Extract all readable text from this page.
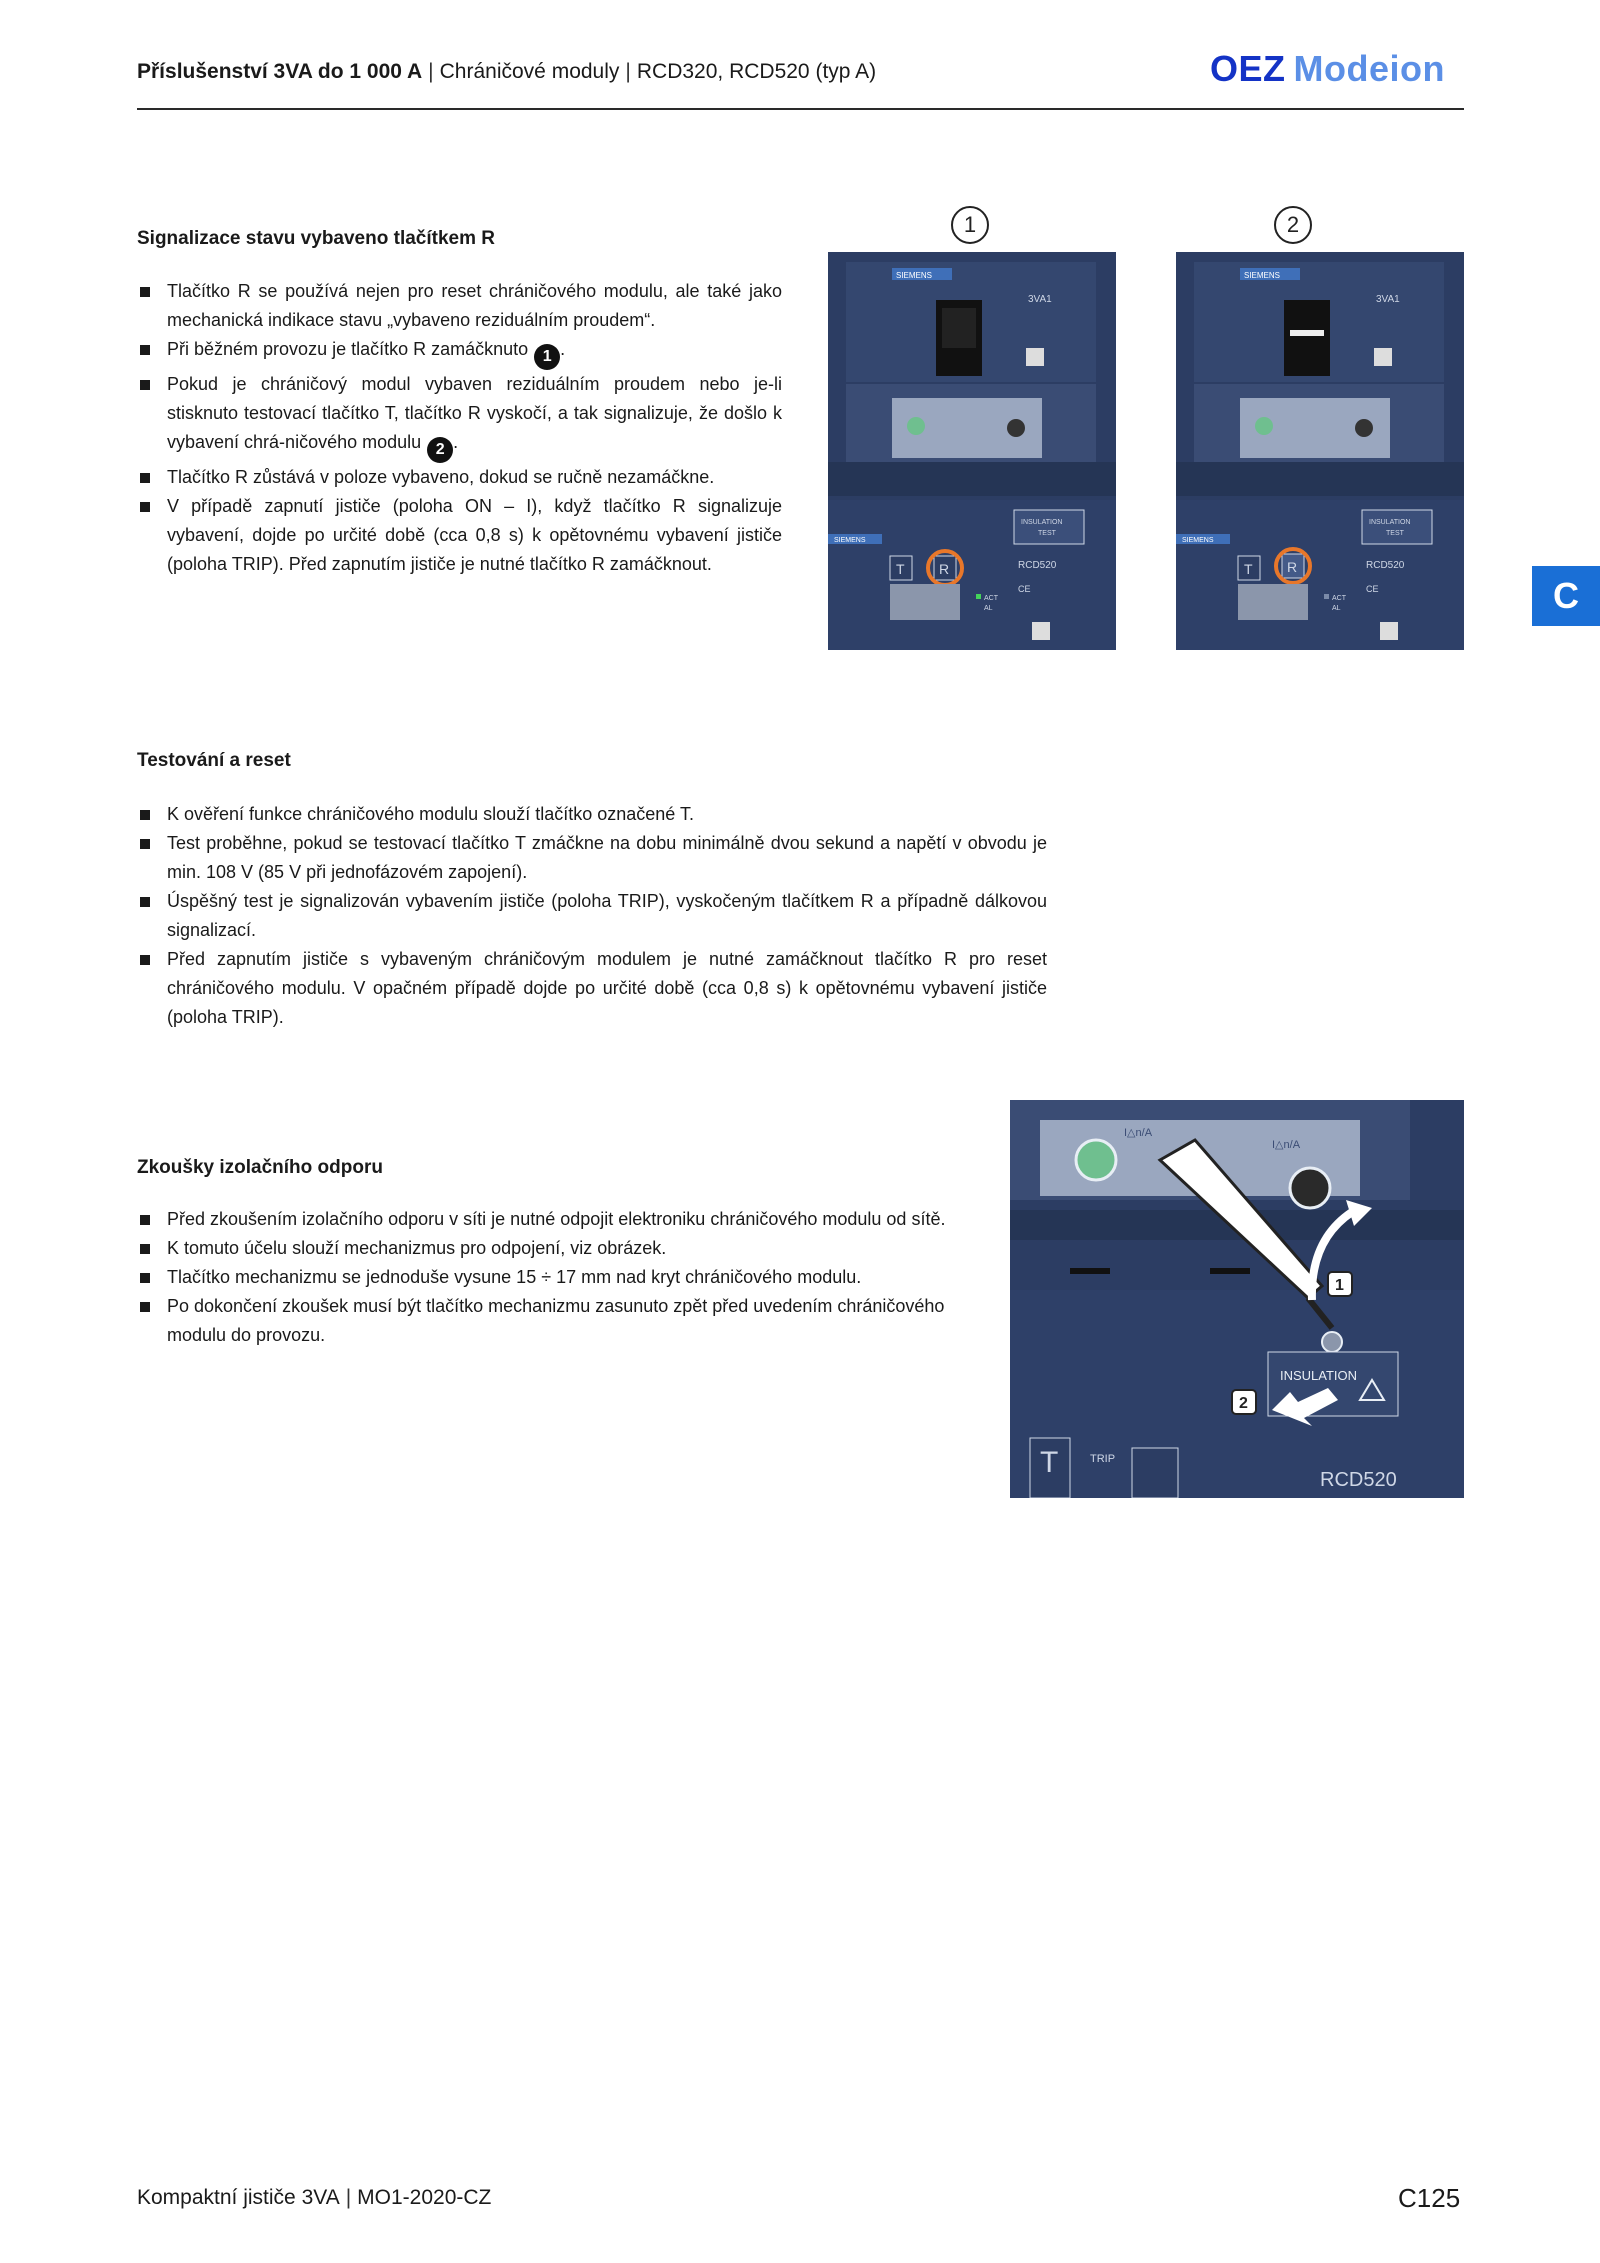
Příslušenství 3VA do 1 000 A | Chráničové moduly | RCD320, RCD520 (typ A)	OEZ Modeion
C
Signalizace stavu vybaveno tlačítkem R
Tlačítko R se používá nejen pro reset chráničového modulu, ale také jako mechanická indikace stavu „vybaveno reziduálním proudem“.
Při běžném provozu je tlačítko R zamáčknuto 1 .
Pokud je chráničový modul vybaven reziduálním proudem nebo je-li stisknuto testovací tlačítko T, tlačítko R vyskočí, a tak signalizuje, že došlo k vybavení chrá-ničového modulu 2 .
Tlačítko R zůstává v poloze vybaveno, dokud se ručně nezamáčkne.
V případě zapnutí jističe (poloha ON – I), když tlačítko R signalizuje vybavení, dojde po určité době (cca 0,8 s) k opětovnému vybavení jističe (poloha TRIP). Před zapnutím jističe je nutné tlačítko R zamáčknout.
1	2
SIEMENS
3VA1
INSULATION
TEST
SIEMENS
RCD520
T R
ACT
AL
CE
SIEMENS
3VA1
INSULATION
TEST
SIEMENS
RCD520
T R
ACT
AL
CE
Testování a reset
K ověření funkce chráničového modulu slouží tlačítko označené T.
Test proběhne, pokud se testovací tlačítko T zmáčkne na dobu minimálně dvou sekund a napětí v obvodu je min. 108 V (85 V při jednofázovém zapojení).
Úspěšný test je signalizován vybavením jističe (poloha TRIP), vyskočeným tlačítkem R a případně dálkovou signalizací.
Před zapnutím jističe s vybaveným chráničovým modulem je nutné zamáčknout tlačítko R pro reset chráničového modulu. V opačném případě dojde po určité době (cca 0,8 s) k opětovnému vybavení jističe (poloha TRIP).
Zkoušky izolačního odporu
Před zkoušením izolačního odporu v síti je nutné odpojit elektroniku chráničového modulu od sítě.
K tomuto účelu slouží mechanizmus pro odpojení, viz obrázek.
Tlačítko mechanizmu se jednoduše vysune 15 ÷ 17 mm nad kryt chráničového modulu.
Po dokončení zkoušek musí být tlačítko mechanizmu zasunuto zpět před uvedením chráničového modulu do provozu.
I△n/A
I△n/A
1
INSULATION
2
T	TRIP
RCD520
Kompaktní jističe 3VA | MO1-2020-CZ	C125
